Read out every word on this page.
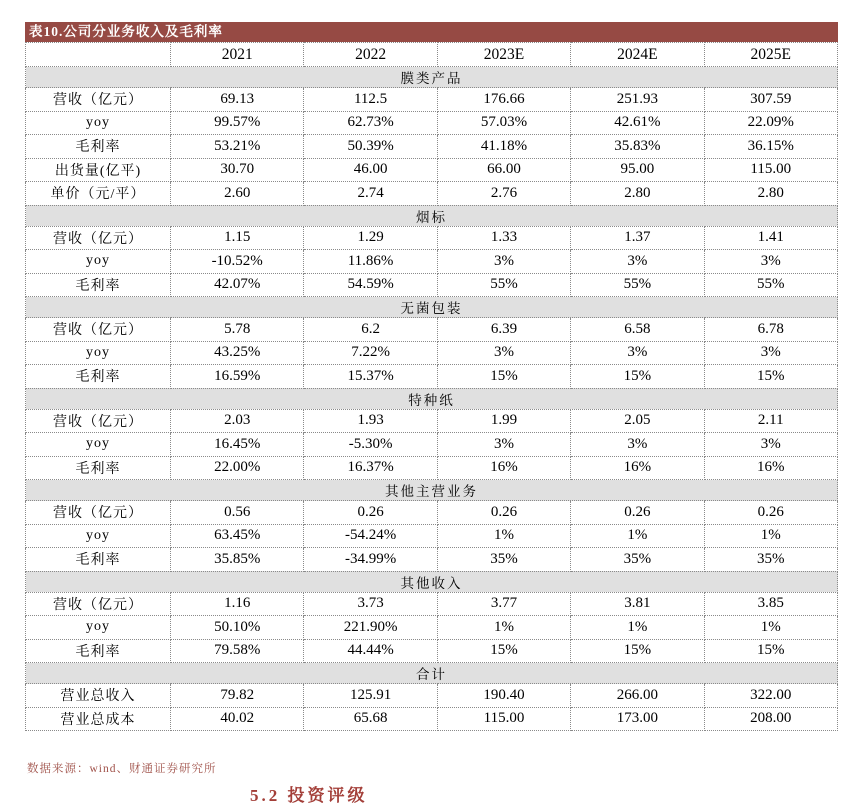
表10.公司分业务收入及毛利率
	2021	2022	2023E	2024E	2025E
膜类产品					
营收（亿元）	69.13	112.5	176.66	251.93	307.59
yoy	99.57%	62.73%	57.03%	42.61%	22.09%
毛利率	53.21%	50.39%	41.18%	35.83%	36.15%
出货量(亿平)	30.70	46.00	66.00	95.00	115.00
单价（元/平）	2.60	2.74	2.76	2.80	2.80
烟标					
营收（亿元）	1.15	1.29	1.33	1.37	1.41
yoy	-10.52%	11.86%	3%	3%	3%
毛利率	42.07%	54.59%	55%	55%	55%
无菌包装					
营收（亿元）	5.78	6.2	6.39	6.58	6.78
yoy	43.25%	7.22%	3%	3%	3%
毛利率	16.59%	15.37%	15%	15%	15%
特种纸					
营收（亿元）	2.03	1.93	1.99	2.05	2.11
yoy	16.45%	-5.30%	3%	3%	3%
毛利率	22.00%	16.37%	16%	16%	16%
其他主营业务					
营收（亿元）	0.56	0.26	0.26	0.26	0.26
yoy	63.45%	-54.24%	1%	1%	1%
毛利率	35.85%	-34.99%	35%	35%	35%
其他收入					
营收（亿元）	1.16	3.73	3.77	3.81	3.85
yoy	50.10%	221.90%	1%	1%	1%
毛利率	79.58%	44.44%	15%	15%	15%
合计					
营业总收入	79.82	125.91	190.40	266.00	322.00
营业总成本	40.02	65.68	115.00	173.00	208.00
数据来源：wind、财通证券研究所
5.2 投资评级
